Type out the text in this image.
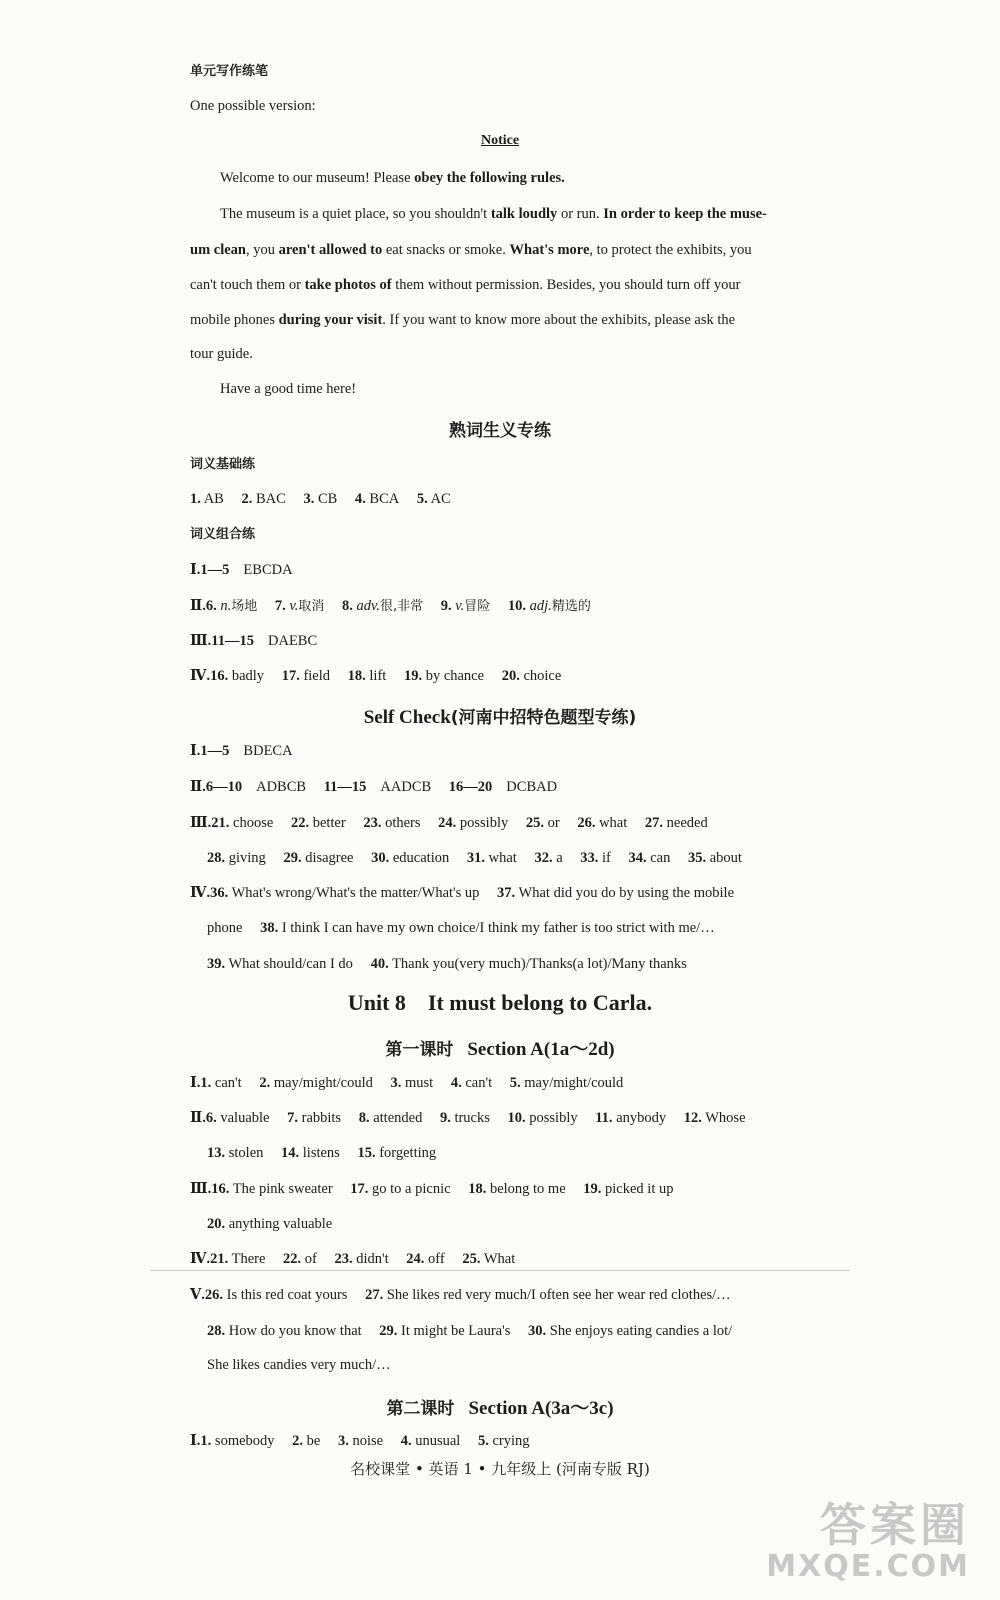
单元写作练笔
One possible version:
Notice
Welcome to our museum! Please obey the following rules.
The museum is a quiet place, so you shouldn't talk loudly or run. In order to keep the muse-
um clean, you aren't allowed to eat snacks or smoke. What's more, to protect the exhibits, you
can't touch them or take photos of them without permission. Besides, you should turn off your
mobile phones during your visit. If you want to know more about the exhibits, please ask the
tour guide.
Have a good time here!
熟词生义专练
词义基础练
1. AB 2. BAC 3. CB 4. BCA 5. AC
词义组合练
Ⅰ.1—5 EBCDA
Ⅱ.6. n.场地 7. v.取消 8. adv.很,非常 9. v.冒险 10. adj.精选的
Ⅲ.11—15 DAEBC
Ⅳ.16. badly 17. field 18. lift 19. by chance 20. choice
Self Check(河南中招特色题型专练)
Ⅰ.1—5 BDECA
Ⅱ.6—10 ADBCB 11—15 AADCB 16—20 DCBAD
Ⅲ.21. choose 22. better 23. others 24. possibly 25. or 26. what 27. needed
28. giving 29. disagree 30. education 31. what 32. a 33. if 34. can 35. about
Ⅳ.36. What's wrong/What's the matter/What's up 37. What did you do by using the mobile
phone 38. I think I can have my own choice/I think my father is too strict with me/…
39. What should/can I do 40. Thank you(very much)/Thanks(a lot)/Many thanks
Unit 8    It must belong to Carla.
第一课时 Section A(1a～2d)
Ⅰ.1. can't 2. may/might/could 3. must 4. can't 5. may/might/could
Ⅱ.6. valuable 7. rabbits 8. attended 9. trucks 10. possibly 11. anybody 12. Whose
13. stolen 14. listens 15. forgetting
Ⅲ.16. The pink sweater 17. go to a picnic 18. belong to me 19. picked it up
20. anything valuable
Ⅳ.21. There 22. of 23. didn't 24. off 25. What
Ⅴ.26. Is this red coat yours 27. She likes red very much/I often see her wear red clothes/…
28. How do you know that 29. It might be Laura's 30. She enjoys eating candies a lot/
She likes candies very much/…
第二课时 Section A(3a～3c)
Ⅰ.1. somebody 2. be 3. noise 4. unusual 5. crying
名校课堂 • 英语 1 • 九年级上 (河南专版 RJ)
答案圈
MXQE.COM
